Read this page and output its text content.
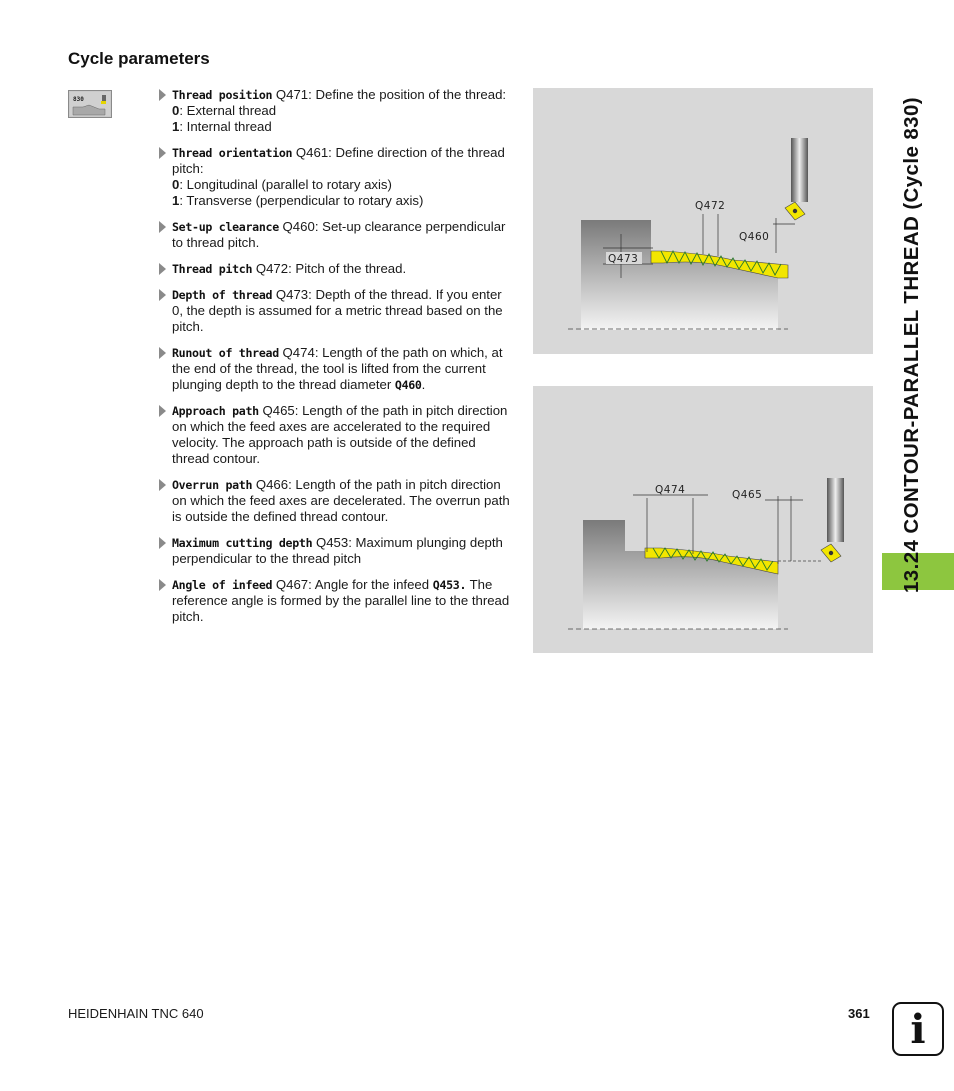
Cycle parameters
830	Thread position Q471: Define the position of the thread:
0: External thread
1: Internal thread
Thread orientation Q461: Define direction of the thread pitch:
0: Longitudinal (parallel to rotary axis)
1: Transverse (perpendicular to rotary axis)
Set-up clearance Q460: Set-up clearance perpendicular to thread pitch.
Thread pitch Q472: Pitch of the thread.
Depth of thread Q473: Depth of the thread. If you enter 0, the depth is assumed for a metric thread based on the pitch.
Runout of thread Q474: Length of the path on which, at the end of the thread, the tool is lifted from the current plunging depth to the thread diameter Q460.
Approach path Q465: Length of the path in pitch direction on which the feed axes are accelerated to the required velocity. The approach path is outside of the defined thread contour.
Overrun path Q466: Length of the path in pitch direction on which the feed axes are decelerated. The overrun path is outside the defined thread contour.
Maximum cutting depth Q453: Maximum plunging depth perpendicular to the thread pitch
Angle of infeed Q467: Angle for the infeed Q453. The reference angle is formed by the parallel line to the thread pitch.
Q473
Q472
Q460
Q474	Q465	13.24 CONTOUR-PARALLEL THREAD (Cycle 830)
HEIDENHAIN TNC 640	361	i
